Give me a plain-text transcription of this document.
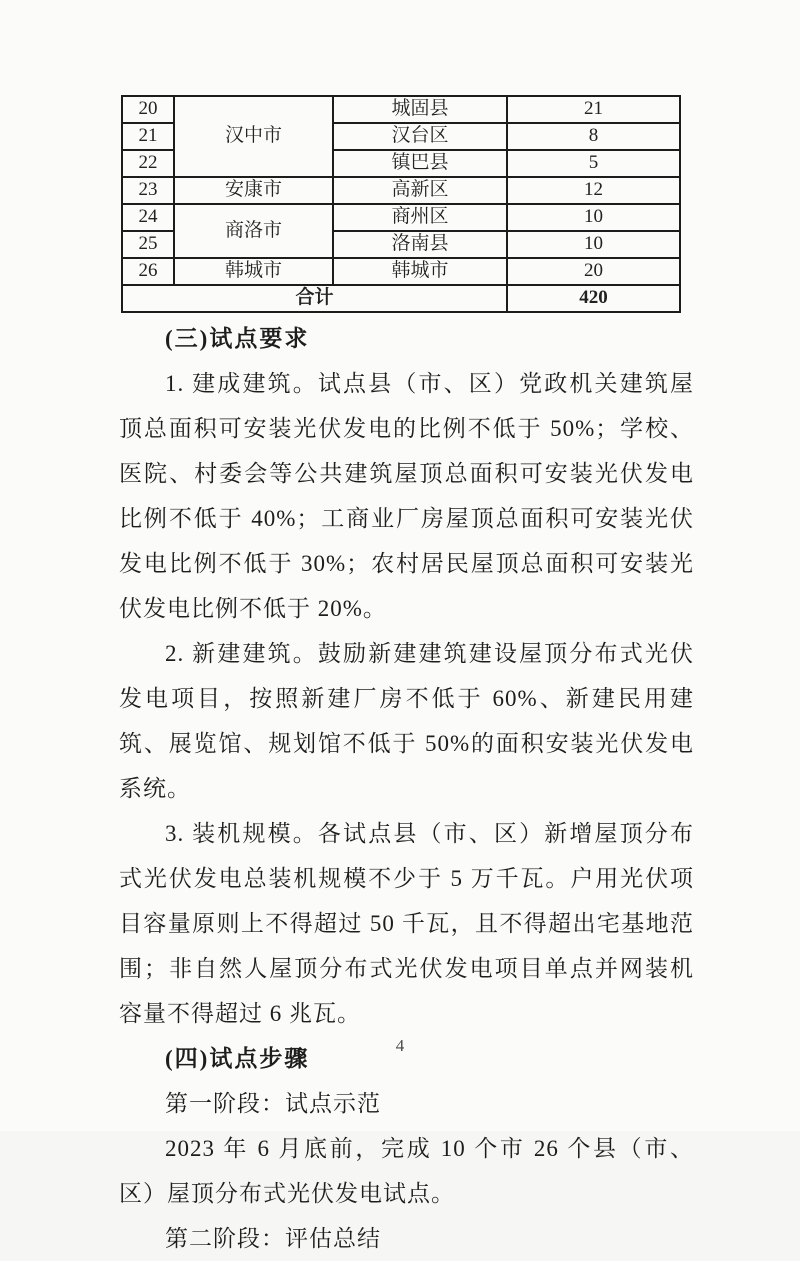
20	汉中市	城固县	21
21		汉台区	8
22		镇巴县	5
23	安康市	高新区	12
24	商洛市	商州区	10
25		洛南县	10
26	韩城市	韩城市	20
合计			420
(三)试点要求
1. 建成建筑。试点县（市、区）党政机关建筑屋顶总面积可安装光伏发电的比例不低于 50%；学校、医院、村委会等公共建筑屋顶总面积可安装光伏发电比例不低于 40%；工商业厂房屋顶总面积可安装光伏发电比例不低于 30%；农村居民屋顶总面积可安装光伏发电比例不低于 20%。
2. 新建建筑。鼓励新建建筑建设屋顶分布式光伏发电项目，按照新建厂房不低于 60%、新建民用建筑、展览馆、规划馆不低于 50%的面积安装光伏发电系统。
3. 装机规模。各试点县（市、区）新增屋顶分布式光伏发电总装机规模不少于 5 万千瓦。户用光伏项目容量原则上不得超过 50 千瓦，且不得超出宅基地范围；非自然人屋顶分布式光伏发电项目单点并网装机容量不得超过 6 兆瓦。
(四)试点步骤
第一阶段：试点示范
2023 年 6 月底前，完成 10 个市 26 个县（市、区）屋顶分布式光伏发电试点。
第二阶段：评估总结
4
